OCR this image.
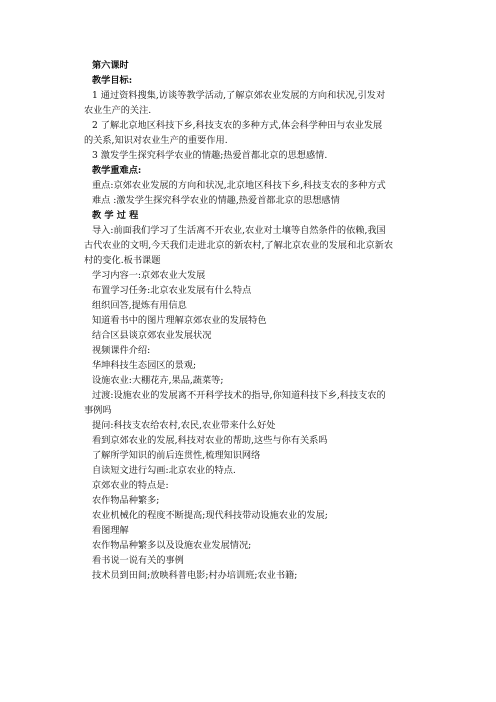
第六课时
教学目标:
1 通过资料搜集,访谈等教学活动,了解京郊农业发展的方向和状况,引发对
农业生产的关注.
2 了解北京地区科技下乡,科技支农的多种方式,体会科学种田与农业发展
的关系,知识对农业生产的重要作用.
3 激发学生探究科学农业的情趣;热爱首都北京的思想感情.
教学重难点:
重点:京郊农业发展的方向和状况,北京地区科技下乡,科技支农的多种方式
难点 :激发学生探究科学农业的情趣,热爱首都北京的思想感情
教 学 过 程
导入:前面我们学习了生活离不开农业,农业对土壤等自然条件的依赖,我国
古代农业的文明,今天我们走进北京的新农村,了解北京农业的发展和北京新农
村的变化.板书课题
学习内容一:京郊农业大发展
布置学习任务:北京农业发展有什么特点
组织回答,提炼有用信息
知道看书中的图片理解京郊农业的发展特色
结合区县谈京郊农业发展状况
视频课件介绍:
华坤科技生态园区的景观;
设施农业:大棚花卉,果品,蔬菜等;
过渡:设施农业的发展离不开科学技术的指导,你知道科技下乡,科技支农的
事例吗
提问:科技支农给农村,农民,农业带来什么好处
看到京郊农业的发展,科技对农业的帮助,这些与你有关系吗
了解所学知识的前后连贯性,梳理知识网络
自读短文进行勾画:北京农业的特点.
京郊农业的特点是:
农作物品种繁多;
农业机械化的程度不断提高;现代科技带动设施农业的发展;
看图理解
农作物品种繁多以及设施农业发展情况;
看书说一说有关的事例
技术员到田间;放映科普电影;村办培训班;农业书籍;
